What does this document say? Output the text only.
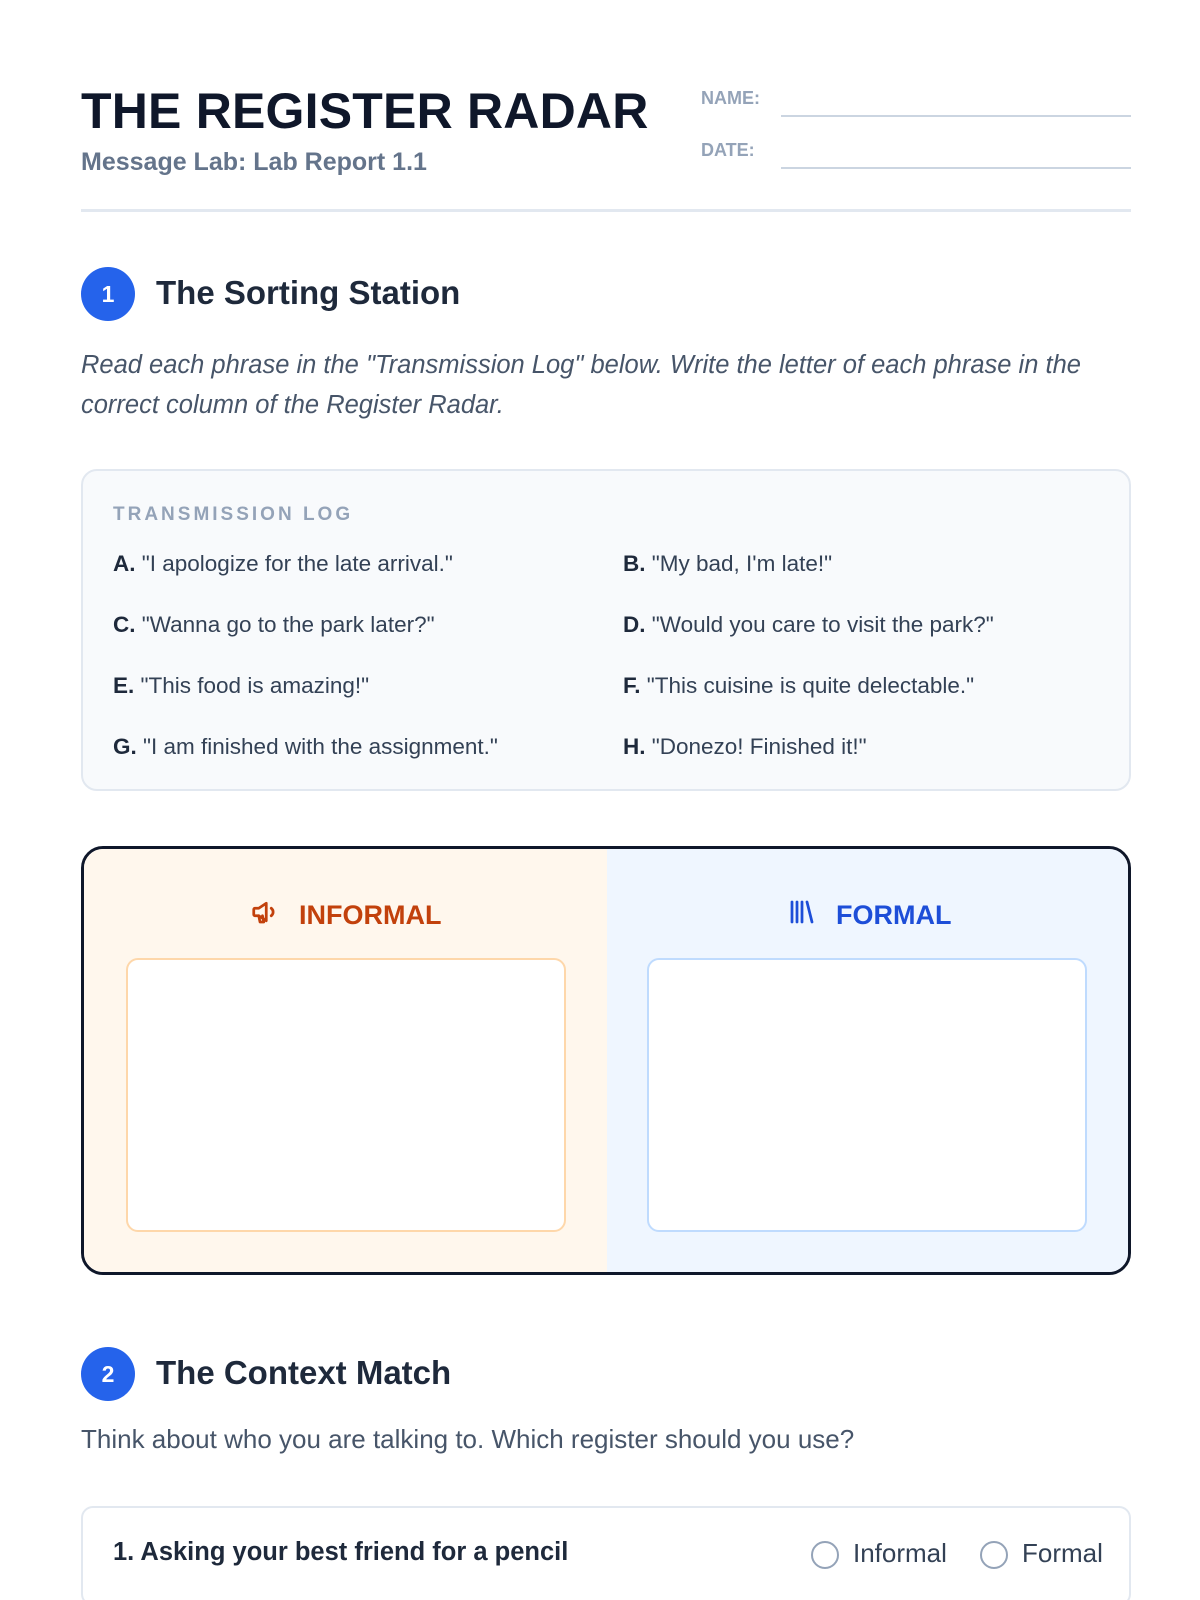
THE REGISTER RADAR
Message Lab: Lab Report 1.1
NAME:
DATE:
1	The Sorting Station
Read each phrase in the "Transmission Log" below. Write the letter of each phrase in the correct column of the Register Radar.
TRANSMISSION LOG
A. "I apologize for the late arrival."	B. "My bad, I'm late!"
C. "Wanna go to the park later?"	D. "Would you care to visit the park?"
E. "This food is amazing!"	F. "This cuisine is quite delectable."
G. "I am finished with the assignment."	H. "Donezo! Finished it!"
INFORMAL	FORMAL
2	The Context Match
Think about who you are talking to. Which register should you use?
1. Asking your best friend for a pencil	Informal	Formal
